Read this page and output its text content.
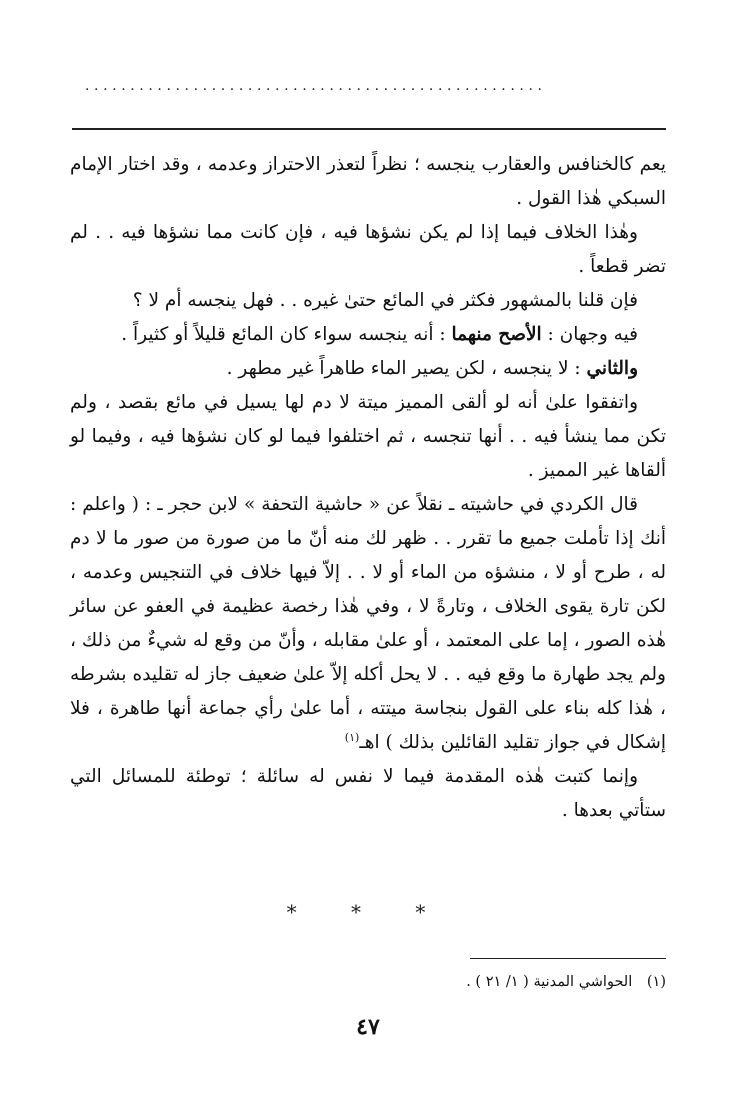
...................................................

يعم كالخنافس والعقارب ينجسه ؛ نظراً لتعذر الاحتراز وعدمه ، وقد اختار الإمام السبكي هٰذا القول .

وهٰذا الخلاف فيما إذا لم يكن نشؤها فيه ، فإن كانت مما نشؤها فيه . . لم تضر قطعاً .

فإن قلنا بالمشهور فكثر في المائع حتىٰ غيره . . فهل ينجسه أم لا ؟

فيه وجهان : الأصح منهما : أنه ينجسه سواء كان المائع قليلاً أو كثيراً .

والثاني : لا ينجسه ، لكن يصير الماء طاهراً غير مطهر .

واتفقوا علىٰ أنه لو ألقى المميز ميتة لا دم لها يسيل في مائع بقصد ، ولم تكن مما ينشأ فيه . . أنها تنجسه ، ثم اختلفوا فيما لو كان نشؤها فيه ، وفيما لو ألقاها غير المميز .

قال الكردي في حاشيته ـ نقلاً عن « حاشية التحفة » لابن حجر ـ : ( واعلم : أنك إذا تأملت جميع ما تقرر . . ظهر لك منه أنّ ما من صورة من صور ما لا دم له ، طرح أو لا ، منشؤه من الماء أو لا . . إلاّ فيها خلاف في التنجيس وعدمه ، لكن تارة يقوى الخلاف ، وتارةً لا ، وفي هٰذا رخصة عظيمة في العفو عن سائر هٰذه الصور ، إما على المعتمد ، أو علىٰ مقابله ، وأنّ من وقع له شيءٌ من ذلك ، ولم يجد طهارة ما وقع فيه . . لا يحل أكله إلاّ علىٰ ضعيف جاز له تقليده بشرطه ، هٰذا كله بناء على القول بنجاسة ميتته ، أما علىٰ رأي جماعة أنها طاهرة ، فلا إشكال في جواز تقليد القائلين بذلك ) اهـ$^{(١)}$

وإنما كتبت هٰذه المقدمة فيما لا نفس له سائلة ؛ توطئة للمسائل التي ستأتي بعدها .

* * *
(١) الحواشي المدنية ( ١/ ٢١ ) .
٤٧
